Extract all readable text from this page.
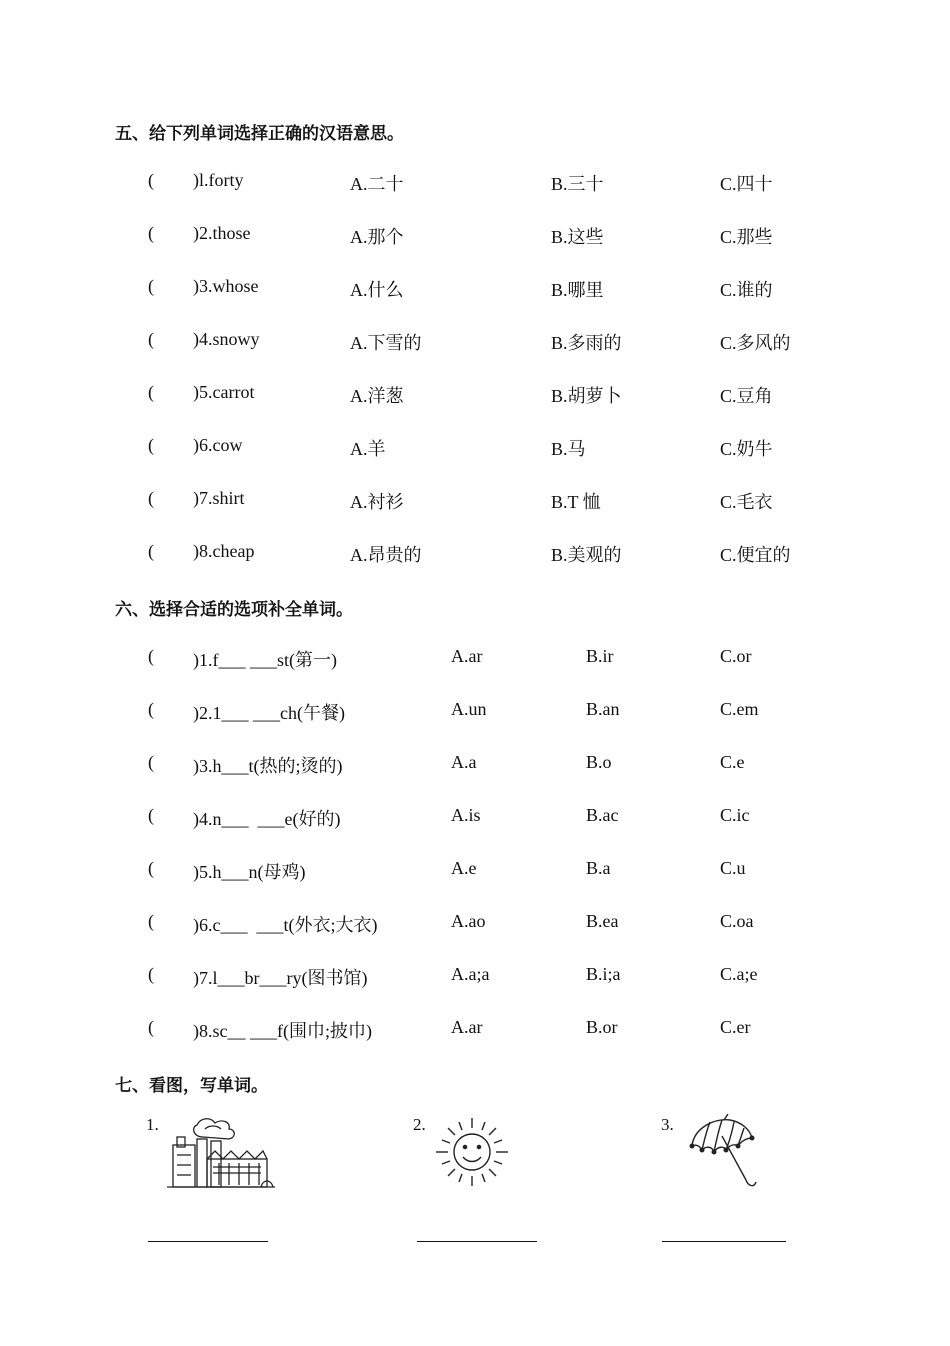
五、给下列单词选择正确的汉语意思。
( )l.forty	A.二十	B.三十	C.四十
( )2.those	A.那个	B.这些	C.那些
( )3.whose	A.什么	B.哪里	C.谁的
( )4.snowy	A.下雪的	B.多雨的	C.多风的
( )5.carrot	A.洋葱	B.胡萝卜	C.豆角
( )6.cow	A.羊	B.马	C.奶牛
( )7.shirt	A.衬衫	B.T 恤	C.毛衣
( )8.cheap	A.昂贵的	B.美观的	C.便宜的
六、选择合适的选项补全单词。
( )1.f___ ___st(第一)	A.ar	B.ir	C.or
( )2.1___ ___ch(午餐)	A.un	B.an	C.em
( )3.h___t(热的;烫的)	A.a	B.o	C.e
( )4.n___  ___e(好的)	A.is	B.ac	C.ic
( )5.h___n(母鸡)	A.e	B.a	C.u
( )6.c___  ___t(外衣;大衣)	A.ao	B.ea	C.oa
( )7.l___br___ry(图书馆)	A.a;a	B.i;a	C.a;e
( )8.sc__ ___f(围巾;披巾)	A.ar	B.or	C.er
七、看图，写单词。
1.	2.	3.
